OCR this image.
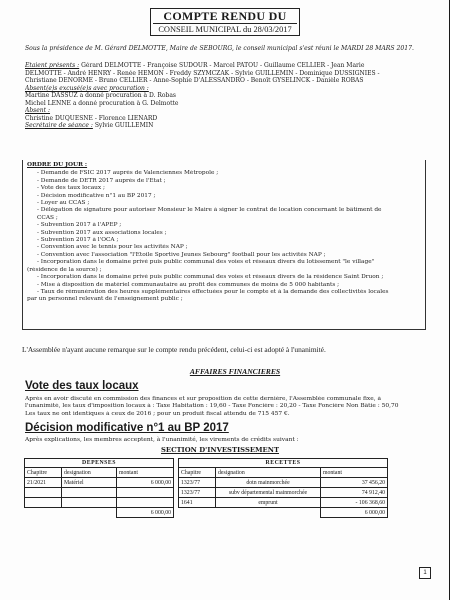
COMPTE RENDU DU
CONSEIL MUNICIPAL du 28/03/2017
Sous la présidence de M. Gérard DELMOTTE, Maire de SEBOURG, le conseil municipal s'est réuni le MARDI 28 MARS 2017.
Etaient présents : Gérard DELMOTTE - Françoise SUDOUR - Marcel PATOU - Guillaume CELLIER - Jean Marie
DELMOTTE - André HENRY - Renée HEMON - Freddy SZYMCZAK - Sylvie GUILLEMIN - Dominique DUSSIGNIES -
Christiane DENORME - Bruno CELLIER - Anne-Sophie D'ALESSANDRO - Benoît GYSELINCK - Danièle ROBAS
Absent(e)s excusé(e)s avec procuration :
Martine DASSUZ a donné procuration à D. Robas
Michel LENNE a donné procuration à G. Delmotte
Absent :
Christine DUQUESNE - Florence LIENARD
Secrétaire de séance : Sylvie GUILLEMIN
ORDRE DU JOUR :
- Demande de FSIC 2017 auprès de Valenciennes Métropole ;
- Demande de DETR 2017 auprès de l'Etat ;
- Vote des taux locaux ;
- Décision modificative n°1 au BP 2017 ;
- Loyer au CCAS ;
- Délégation de signature pour autoriser Monsieur le Maire à signer le contrat de location concernant le bâtiment de
CCAS ;
- Subvention 2017 à l'APEP ;
- Subvention 2017 aux associations locales ;
- Subvention 2017 à l'OCA ;
- Convention avec le tennis pour les activités NAP ;
- Convention avec l'association "l'Etoile Sportive Jeunes Sebourg" football pour les activités NAP ;
- Incorporation dans le domaine privé puis public communal des voies et réseaux divers du lotissement "le village"
(résidence de la source) ;
- Incorporation dans le domaine privé puis public communal des voies et réseaux divers de la résidence Saint Druon ;
- Mise à disposition de matériel communautaire au profit des communes de moins de 5 000 habitants ;
- Taux de rémunération des heures supplémentaires effectuées pour le compte et à la demande des collectivités locales
par un personnel relevant de l'enseignement public ;
L'Assemblée n'ayant aucune remarque sur le compte rendu précédent, celui-ci est adopté à l'unanimité.
AFFAIRES FINANCIERES
Vote des taux locaux
Après en avoir discuté en commission des finances et sur proposition de cette dernière, l'Assemblée communale fixe, à
l'unanimité, les taux d'imposition locaux à : Taxe Habitation : 19,60 - Taxe Foncière : 20,20 - Taxe Foncière Non Bâtie : 50,70
Les taux ne ont identiques à ceux de 2016 ; pour un produit fiscal attendu de 715 457 €.
Décision modificative n°1 au BP 2017
Après explications, les membres acceptent, à l'unanimité, les virements de crédits suivant :
SECTION D'INVESTISSEMENT
DEPENSES		
Chapitre	designation	montant
21/2021	Matériel	6 000,00

		6 000,00
RECETTES		
Chapitre	designation	montant
1323/77	dotn mainmorchée	37 456,20
1323/77	subv départemental mainmorchée	74 912,40
1641	emprunt	- 106 368,60
		6 000,00
1
